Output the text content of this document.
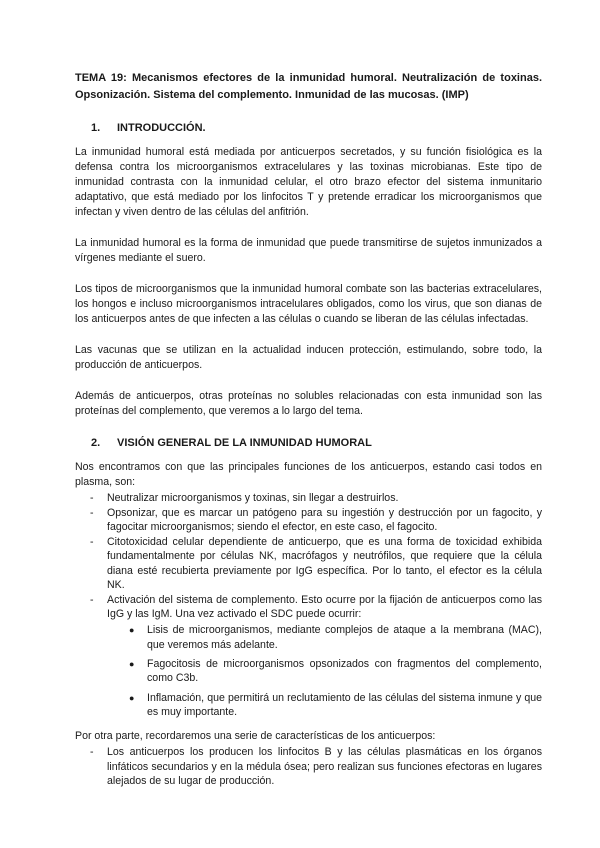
TEMA 19: Mecanismos efectores de la inmunidad humoral. Neutralización de toxinas. Opsonización. Sistema del complemento. Inmunidad de las mucosas. (IMP)

1.	INTRODUCCIÓN.

La inmunidad humoral está mediada por anticuerpos secretados, y su función fisiológica es la defensa contra los microorganismos extracelulares y las toxinas microbianas. Este tipo de inmunidad contrasta con la inmunidad celular, el otro brazo efector del sistema inmunitario adaptativo, que está mediado por los linfocitos T y pretende erradicar los microorganismos que infectan y viven dentro de las células del anfitrión.

La inmunidad humoral es la forma de inmunidad que puede transmitirse de sujetos inmunizados a vírgenes mediante el suero.

Los tipos de microorganismos que la inmunidad humoral combate son las bacterias extracelulares, los hongos e incluso microorganismos intracelulares obligados, como los virus, que son dianas de los anticuerpos antes de que infecten a las células o cuando se liberan de las células infectadas.

Las vacunas que se utilizan en la actualidad inducen protección, estimulando, sobre todo, la producción de anticuerpos.

Además de anticuerpos, otras proteínas no solubles relacionadas con esta inmunidad son las proteínas del complemento, que veremos a lo largo del tema.

2.	VISIÓN GENERAL DE LA INMUNIDAD HUMORAL

Nos encontramos con que las principales funciones de los anticuerpos, estando casi todos en plasma, son:

- Neutralizar microorganismos y toxinas, sin llegar a destruirlos.
- Opsonizar, que es marcar un patógeno para su ingestión y destrucción por un fagocito, y fagocitar microorganismos; siendo el efector, en este caso, el fagocito.
- Citotoxicidad celular dependiente de anticuerpo, que es una forma de toxicidad exhibida fundamentalmente por células NK, macrófagos y neutrófilos, que requiere que la célula diana esté recubierta previamente por IgG específica. Por lo tanto, el efector es la célula NK.
- Activación del sistema de complemento. Esto ocurre por la fijación de anticuerpos como las IgG y las IgM. Una vez activado el SDC puede ocurrir:
● Lisis de microorganismos, mediante complejos de ataque a la membrana (MAC), que veremos más adelante.
● Fagocitosis de microorganismos opsonizados con fragmentos del complemento, como C3b.
● Inflamación, que permitirá un reclutamiento de las células del sistema inmune y que es muy importante.

Por otra parte, recordaremos una serie de características de los anticuerpos:

- Los anticuerpos los producen los linfocitos B y las células plasmáticas en los órganos linfáticos secundarios y en la médula ósea; pero realizan sus funciones efectoras en lugares alejados de su lugar de producción.
